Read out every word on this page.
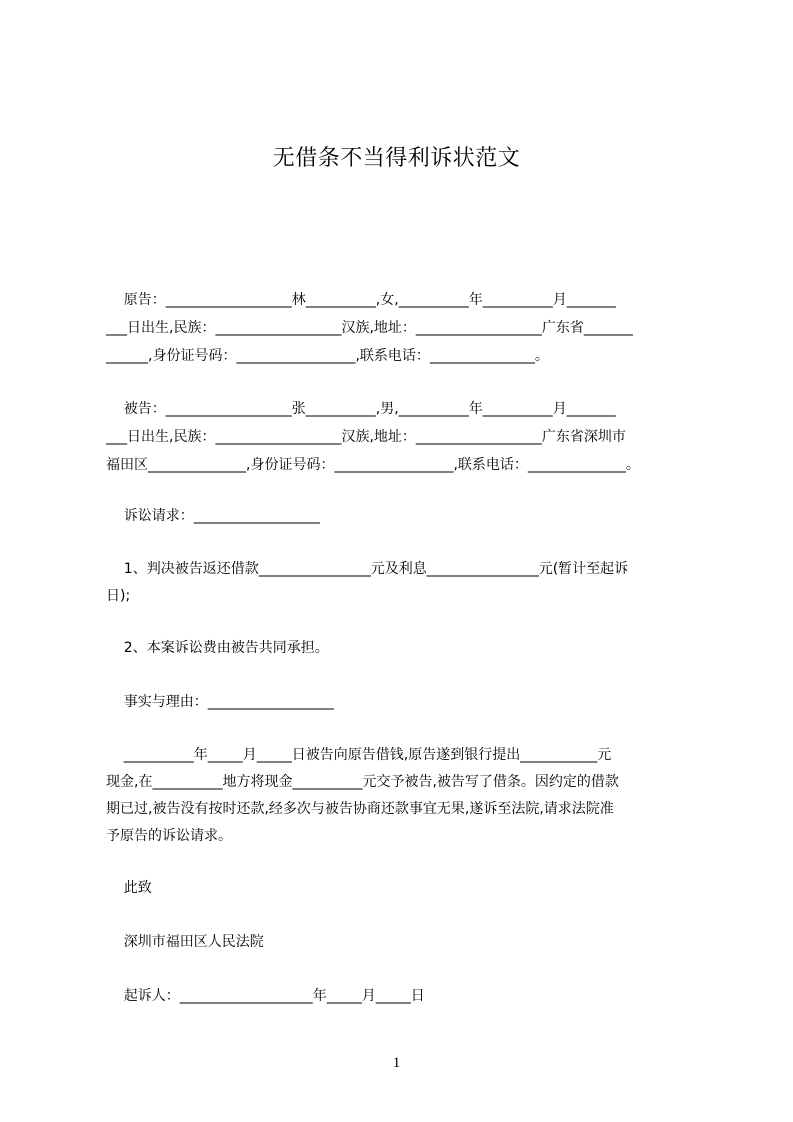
无借条不当得利诉状范文
原告：__________________林__________,女,__________年__________月_______
___日出生,民族：__________________汉族,地址：__________________广东省_______
______,身份证号码：_________________,联系电话：_______________。
被告：__________________张__________,男,__________年__________月_______
___日出生,民族：__________________汉族,地址：__________________广东省深圳市
福田区______________,身份证号码：_________________,联系电话：______________。
诉讼请求：__________________
1、判决被告返还借款________________元及利息________________元(暂计至起诉
日);
2、本案诉讼费由被告共同承担。
事实与理由：__________________
__________年_____月_____日被告向原告借钱,原告遂到银行提出___________元
现金,在__________地方将现金__________元交予被告,被告写了借条。因约定的借款
期已过,被告没有按时还款,经多次与被告协商还款事宜无果,遂诉至法院,请求法院准
予原告的诉讼请求。
此致
深圳市福田区人民法院
起诉人：___________________年_____月_____日
1
